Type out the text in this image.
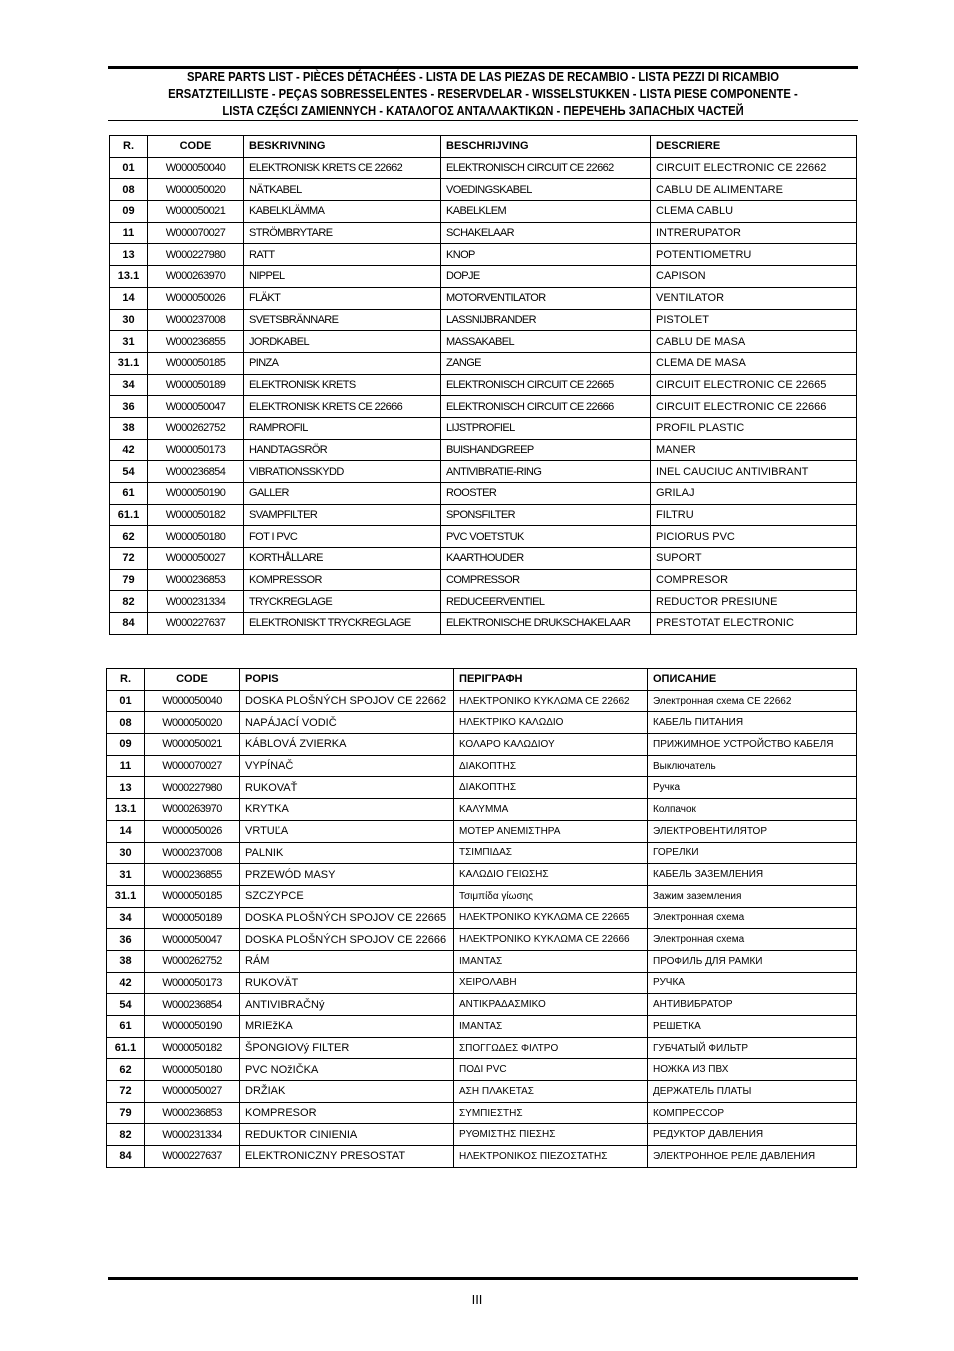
SPARE PARTS LIST - PIÈCES DÉTACHÉES - LISTA DE LAS PIEZAS DE RECAMBIO - LISTA PEZZI DI RICAMBIO
ERSATZTEILLISTE - PEÇAS SOBRESSELENTES - RESERVDELAR - WISSELSTUKKEN - LISTA PIESE COMPONENTE -
LISTA CZĘŚCI ZAMIENNYCH - ΚΑΤΑΛΟΓΟΣ ΑΝΤΑΛΛΑΚΤΙΚΩΝ - ПЕРЕЧЕНЬ ЗАПАСНЫХ ЧАСТЕЙ
R.	CODE	BESKRIVNING	BESCHRIJVING	DESCRIERE
01	W000050040	ELEKTRONISK KRETS CE 22662	ELEKTRONISCH CIRCUIT CE 22662	CIRCUIT ELECTRONIC CE 22662
08	W000050020	NÄTKABEL	VOEDINGSKABEL	CABLU DE ALIMENTARE
09	W000050021	KABELKLÄMMA	KABELKLEM	CLEMA CABLU
11	W000070027	STRÖMBRYTARE	SCHAKELAAR	INTRERUPATOR
13	W000227980	RATT	KNOP	POTENTIOMETRU
13.1	W000263970	NIPPEL	DOPJE	CAPISON
14	W000050026	FLÄKT	MOTORVENTILATOR	VENTILATOR
30	W000237008	SVETSBRÄNNARE	LASSNIJBRANDER	PISTOLET
31	W000236855	JORDKABEL	MASSAKABEL	CABLU DE MASA
31.1	W000050185	PINZA	ZANGE	CLEMA DE MASA
34	W000050189	ELEKTRONISK KRETS	ELEKTRONISCH CIRCUIT CE 22665	CIRCUIT ELECTRONIC CE 22665
36	W000050047	ELEKTRONISK KRETS CE 22666	ELEKTRONISCH CIRCUIT CE 22666	CIRCUIT ELECTRONIC CE 22666
38	W000262752	RAMPROFIL	LIJSTPROFIEL	PROFIL PLASTIC
42	W000050173	HANDTAGSRÖR	BUISHANDGREEP	MANER
54	W000236854	VIBRATIONSSKYDD	ANTIVIBRATIE-RING	INEL CAUCIUC ANTIVIBRANT
61	W000050190	GALLER	ROOSTER	GRILAJ
61.1	W000050182	SVAMPFILTER	SPONSFILTER	FILTRU
62	W000050180	FOT I PVC	PVC VOETSTUK	PICIORUS PVC
72	W000050027	KORTHÅLLARE	KAARTHOUDER	SUPORT
79	W000236853	KOMPRESSOR	COMPRESSOR	COMPRESOR
82	W000231334	TRYCKREGLAGE	REDUCEERVENTIEL	REDUCTOR PRESIUNE
84	W000227637	ELEKTRONISKT TRYCKREGLAGE	ELEKTRONISCHE DRUKSCHAKELAAR	PRESTOTAT ELECTRONIC
R.	CODE	POPIS	ΠΕΡΙΓΡΑΦΗ	ОПИСАНИЕ
01	W000050040	DOSKA PLOŠNÝCH SPOJOV CE 22662	ΗΛΕΚΤΡΟΝΙΚΟ ΚΥΚΛΩΜΑ CE 22662	Электронная схема CE 22662
08	W000050020	NAPÁJACÍ VODIČ	ΗΛΕΚΤΡΙΚΟ ΚΑΛΩΔΙΟ	КАБЕЛЬ ПИТАНИЯ
09	W000050021	KÁBLOVÁ ZVIERKA	ΚΟΛΑΡΟ ΚΑΛΩΔΙΟΥ	ПРИЖИМНОЕ УСТРОЙСТВО КАБЕЛЯ
11	W000070027	VYPÍNAČ	ΔΙΑΚΟΠΤΗΣ	Выключатель
13	W000227980	RUKOVAŤ	ΔΙΑΚΟΠΤΗΣ	Ручка
13.1	W000263970	KRYTKA	ΚΑΛΥΜΜΑ	Колпачок
14	W000050026	VRTUĽA	ΜΟΤΕΡ ΑΝΕΜΙΣΤΗΡΑ	ЭЛЕКТРОВЕНТИЛЯТОР
30	W000237008	PALNIK	ΤΣΙΜΠΙΔΑΣ	ГОРЕЛКИ
31	W000236855	PRZEWÓD MASY	ΚΑΛΩΔΙΟ ΓΕΙΩΣΗΣ	КАБЕЛЬ ЗАЗЕМЛЕНИЯ
31.1	W000050185	SZCZYPCE	Τσιμπίδα γίωσης	Зажим заземления
34	W000050189	DOSKA PLOŠNÝCH SPOJOV CE 22665	ΗΛΕΚΤΡΟΝΙΚΟ ΚΥΚΛΩΜΑ CE 22665	Электронная схема
36	W000050047	DOSKA PLOŠNÝCH SPOJOV CE 22666	ΗΛΕΚΤΡΟΝΙΚΟ ΚΥΚΛΩΜΑ CE 22666	Электронная схема
38	W000262752	RÁM	ΙΜΑΝΤΑΣ	ПРОФИЛЬ ДЛЯ РАМКИ
42	W000050173	RUKOVÄT	ΧΕΙΡΟΛΑΒΗ	РУЧКА
54	W000236854	ANTIVIBRAČNý	ΑΝΤΙΚΡΑΔΑΣΜΙΚΟ	АНТИВИБРАТОР
61	W000050190	MRIEžKA	ΙΜΑΝΤΑΣ	РЕШЕТКА
61.1	W000050182	ŠPONGIOVý FILTER	ΣΠΟΓΓΩΔΕΣ ΦΙΛΤΡΟ	ГУБЧАТЫЙ ФИЛЬТР
62	W000050180	PVC NOžIČKA	ΠΟΔΙ PVC	НОЖКА ИЗ ПВХ
72	W000050027	DRŽIAK	ΑΣΗ ΠΛΑΚΕΤΑΣ	ДЕРЖАТЕЛЬ ПЛАТЫ
79	W000236853	KOMPRESOR	ΣΥΜΠΙΕΣΤΗΣ	КОМПРЕССОР
82	W000231334	REDUKTOR CINIENIA	ΡΥΘΜΙΣΤΗΣ ΠΙΕΣΗΣ	РЕДУКТОР ДАВЛЕНИЯ
84	W000227637	ELEKTRONICZNY PRESOSTAT	ΗΛΕΚΤΡΟΝΙΚΟΣ ΠΙΕΖΟΣΤΑΤΗΣ	ЭЛЕКТРОННОЕ РЕЛЕ ДАВЛЕНИЯ
III
